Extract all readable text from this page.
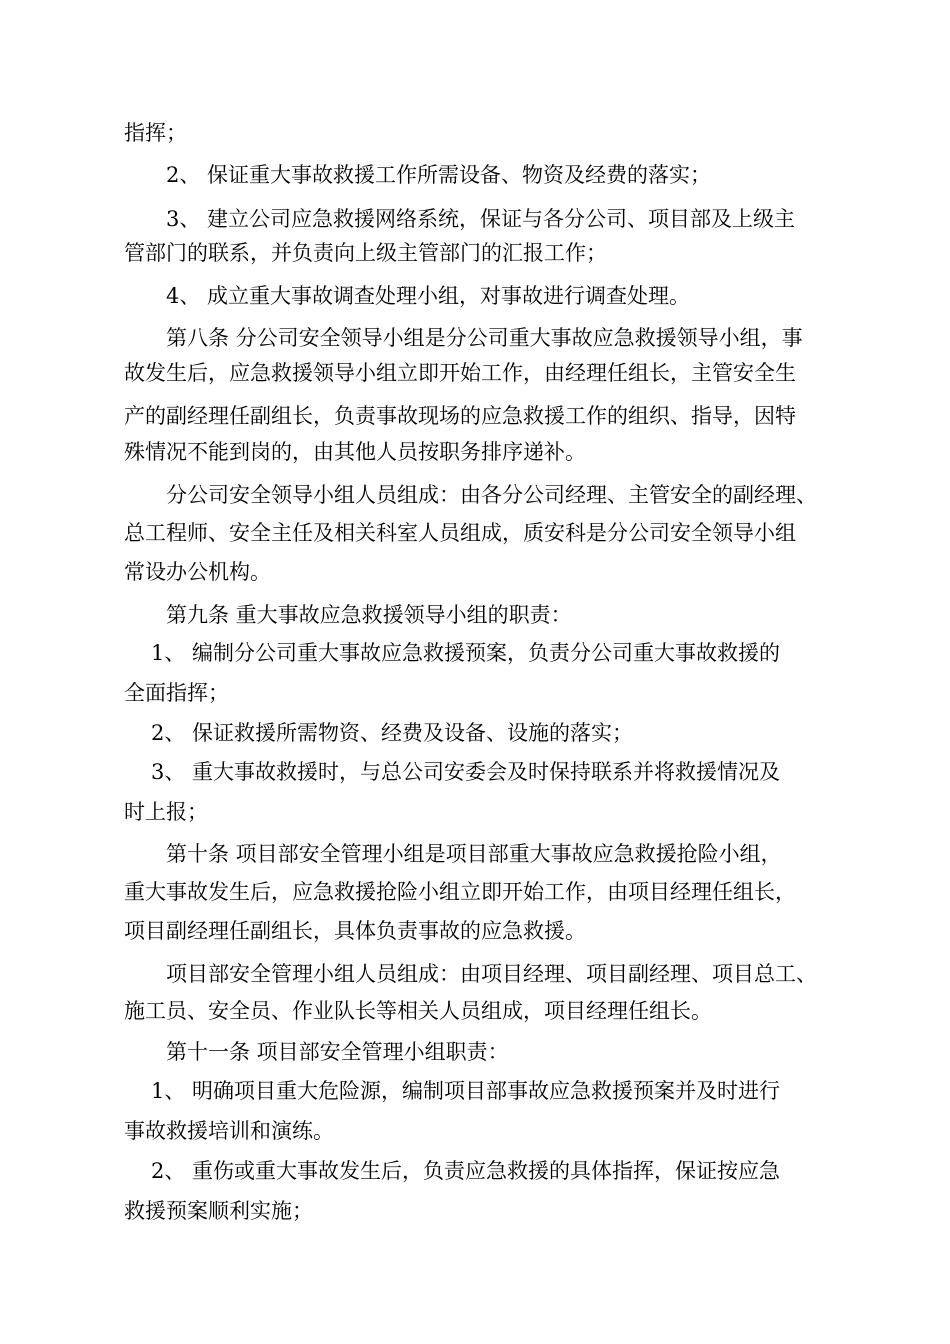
指挥；
2、 保证重大事故救援工作所需设备、物资及经费的落实；
3、 建立公司应急救援网络系统，保证与各分公司、项目部及上级主
管部门的联系，并负责向上级主管部门的汇报工作；
4、 成立重大事故调查处理小组，对事故进行调查处理。
第八条 分公司安全领导小组是分公司重大事故应急救援领导小组，事
故发生后，应急救援领导小组立即开始工作，由经理任组长，主管安全生
产的副经理任副组长，负责事故现场的应急救援工作的组织、指导，因特
殊情况不能到岗的，由其他人员按职务排序递补。
分公司安全领导小组人员组成：由各分公司经理、主管安全的副经理、
总工程师、安全主任及相关科室人员组成，质安科是分公司安全领导小组
常设办公机构。
第九条 重大事故应急救援领导小组的职责：
1、 编制分公司重大事故应急救援预案，负责分公司重大事故救援的
全面指挥；
2、 保证救援所需物资、经费及设备、设施的落实；
3、 重大事故救援时，与总公司安委会及时保持联系并将救援情况及
时上报；
第十条 项目部安全管理小组是项目部重大事故应急救援抢险小组，
重大事故发生后，应急救援抢险小组立即开始工作，由项目经理任组长，
项目副经理任副组长，具体负责事故的应急救援。
项目部安全管理小组人员组成：由项目经理、项目副经理、项目总工、
施工员、安全员、作业队长等相关人员组成，项目经理任组长。
第十一条 项目部安全管理小组职责：
1、 明确项目重大危险源，编制项目部事故应急救援预案并及时进行
事故救援培训和演练。
2、 重伤或重大事故发生后，负责应急救援的具体指挥，保证按应急
救援预案顺利实施；
